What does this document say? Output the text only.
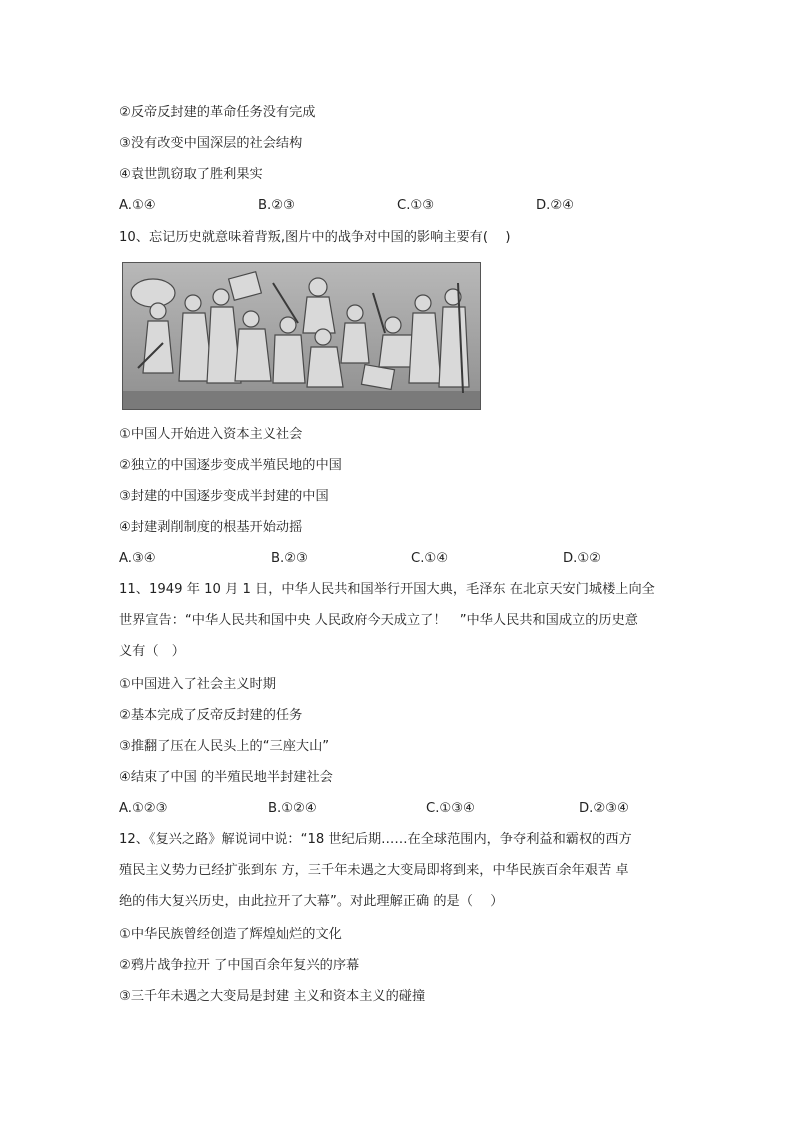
②反帝反封建的革命任务没有完成
③没有改变中国深层的社会结构
④袁世凯窃取了胜利果实
A.①④	B.②③	C.①③	D.②④
10、忘记历史就意味着背叛,图片中的战争对中国的影响主要有(　 )
①中国人开始进入资本主义社会
②独立的中国逐步变成半殖民地的中国
③封建的中国逐步变成半封建的中国
④封建剥削制度的根基开始动摇
A.③④	B.②③	C.①④	D.①②
11、1949 年 10 月 1 日，中华人民共和国举行开国大典，毛泽东 在北京天安门城楼上向全
世界宣告：“中华人民共和国中央 人民政府今天成立了！　”中华人民共和国成立的历史意
义有（　）
①中国进入了社会主义时期
②基本完成了反帝反封建的任务
③推翻了压在人民头上的“三座大山”
④结束了中国 的半殖民地半封建社会
A.①②③	B.①②④	C.①③④	D.②③④
12、《复兴之路》解说词中说：“18 世纪后期……在全球范围内，争夺利益和霸权的西方
殖民主义势力已经扩张到东 方，三千年未遇之大变局即将到来，中华民族百余年艰苦 卓
绝的伟大复兴历史，由此拉开了大幕”。对此理解正确 的是（　 ）
①中华民族曾经创造了辉煌灿烂的文化
②鸦片战争拉开 了中国百余年复兴的序幕
③三千年未遇之大变局是封建 主义和资本主义的碰撞
